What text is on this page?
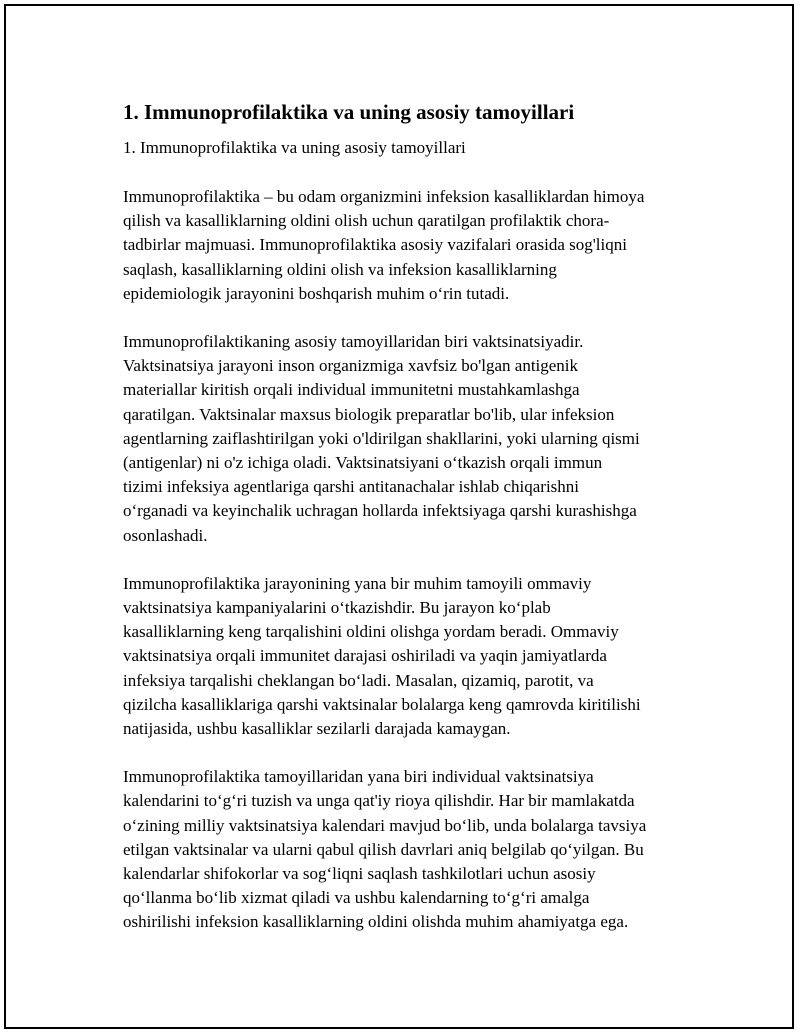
1. Immunoprofilaktika va uning asosiy tamoyillari

1. Immunoprofilaktika va uning asosiy tamoyillari

Immunoprofilaktika – bu odam organizmini infeksion kasalliklardan himoya
qilish va kasalliklarning oldini olish uchun qaratilgan profilaktik chora-
tadbirlar majmuasi. Immunoprofilaktika asosiy vazifalari orasida sog'liqni
saqlash, kasalliklarning oldini olish va infeksion kasalliklarning
epidemiologik jarayonini boshqarish muhim o‘rin tutadi.

Immunoprofilaktikaning asosiy tamoyillaridan biri vaktsinatsiyadir.
Vaktsinatsiya jarayoni inson organizmiga xavfsiz bo'lgan antigenik
materiallar kiritish orqali individual immunitetni mustahkamlashga
qaratilgan. Vaktsinalar maxsus biologik preparatlar bo'lib, ular infeksion
agentlarning zaiflashtirilgan yoki o'ldirilgan shakllarini, yoki ularning qismi
(antigenlar) ni o'z ichiga oladi. Vaktsinatsiyani o‘tkazish orqali immun
tizimi infeksiya agentlariga qarshi antitanachalar ishlab chiqarishni
o‘rganadi va keyinchalik uchragan hollarda infektsiyaga qarshi kurashishga
osonlashadi.

Immunoprofilaktika jarayonining yana bir muhim tamoyili ommaviy
vaktsinatsiya kampaniyalarini o‘tkazishdir. Bu jarayon ko‘plab
kasalliklarning keng tarqalishini oldini olishga yordam beradi. Ommaviy
vaktsinatsiya orqali immunitet darajasi oshiriladi va yaqin jamiyatlarda
infeksiya tarqalishi cheklangan bo‘ladi. Masalan, qizamiq, parotit, va
qizilcha kasalliklariga qarshi vaktsinalar bolalarga keng qamrovda kiritilishi
natijasida, ushbu kasalliklar sezilarli darajada kamaygan.

Immunoprofilaktika tamoyillaridan yana biri individual vaktsinatsiya
kalendarini to‘g‘ri tuzish va unga qat'iy rioya qilishdir. Har bir mamlakatda
o‘zining milliy vaktsinatsiya kalendari mavjud bo‘lib, unda bolalarga tavsiya
etilgan vaktsinalar va ularni qabul qilish davrlari aniq belgilab qo‘yilgan. Bu
kalendarlar shifokorlar va sog‘liqni saqlash tashkilotlari uchun asosiy
qo‘llanma bo‘lib xizmat qiladi va ushbu kalendarning to‘g‘ri amalga
oshirilishi infeksion kasalliklarning oldini olishda muhim ahamiyatga ega.
